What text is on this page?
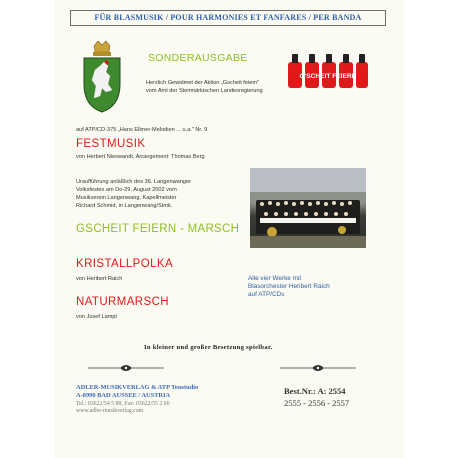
FÜR BLASMUSIK / POUR HARMONIES ET FANFARES / PER BANDA
SONDERAUSGABE
Herzlich Gewidmet der Aktion „Gscheit feiern"
vom Amt der Steirmärkischen Landesregierung
G'SCHEIT FEIERN
auf ATP/CD-375 „Hans Ellmer-Melodien ... u.a." Nr. 9
FESTMUSIK
von Herbert Nieswandt, Arrangement: Thomas Berg
Uraufführung anläßlich des 36. Langenwanger
Volksfestes am Do-29. August 2002 vom
Musikverein Langenwang, Kapellmeister
Richard Schmid, in Langenwang/Stmk.
GSCHEIT FEIERN - MARSCH
KRISTALLPOLKA
von Heribert Raich	Alle vier Werke mit
Blasorchester Heribert Raich
auf ATP/CDs
NATURMARSCH
von Josef Lampl
In kleiner und großer Besetzung spielbar.
ADLER-MUSIKVERLAG & ATP Tonstudio
A-8990 BAD AUSSEE / AUSTRIA
Tel.: 03622/54 5 88, Fax: 03622/55 2 66
www.adler-musikverlag.com
Best.Nr.: A: 2554
2555 - 2556 - 2557
